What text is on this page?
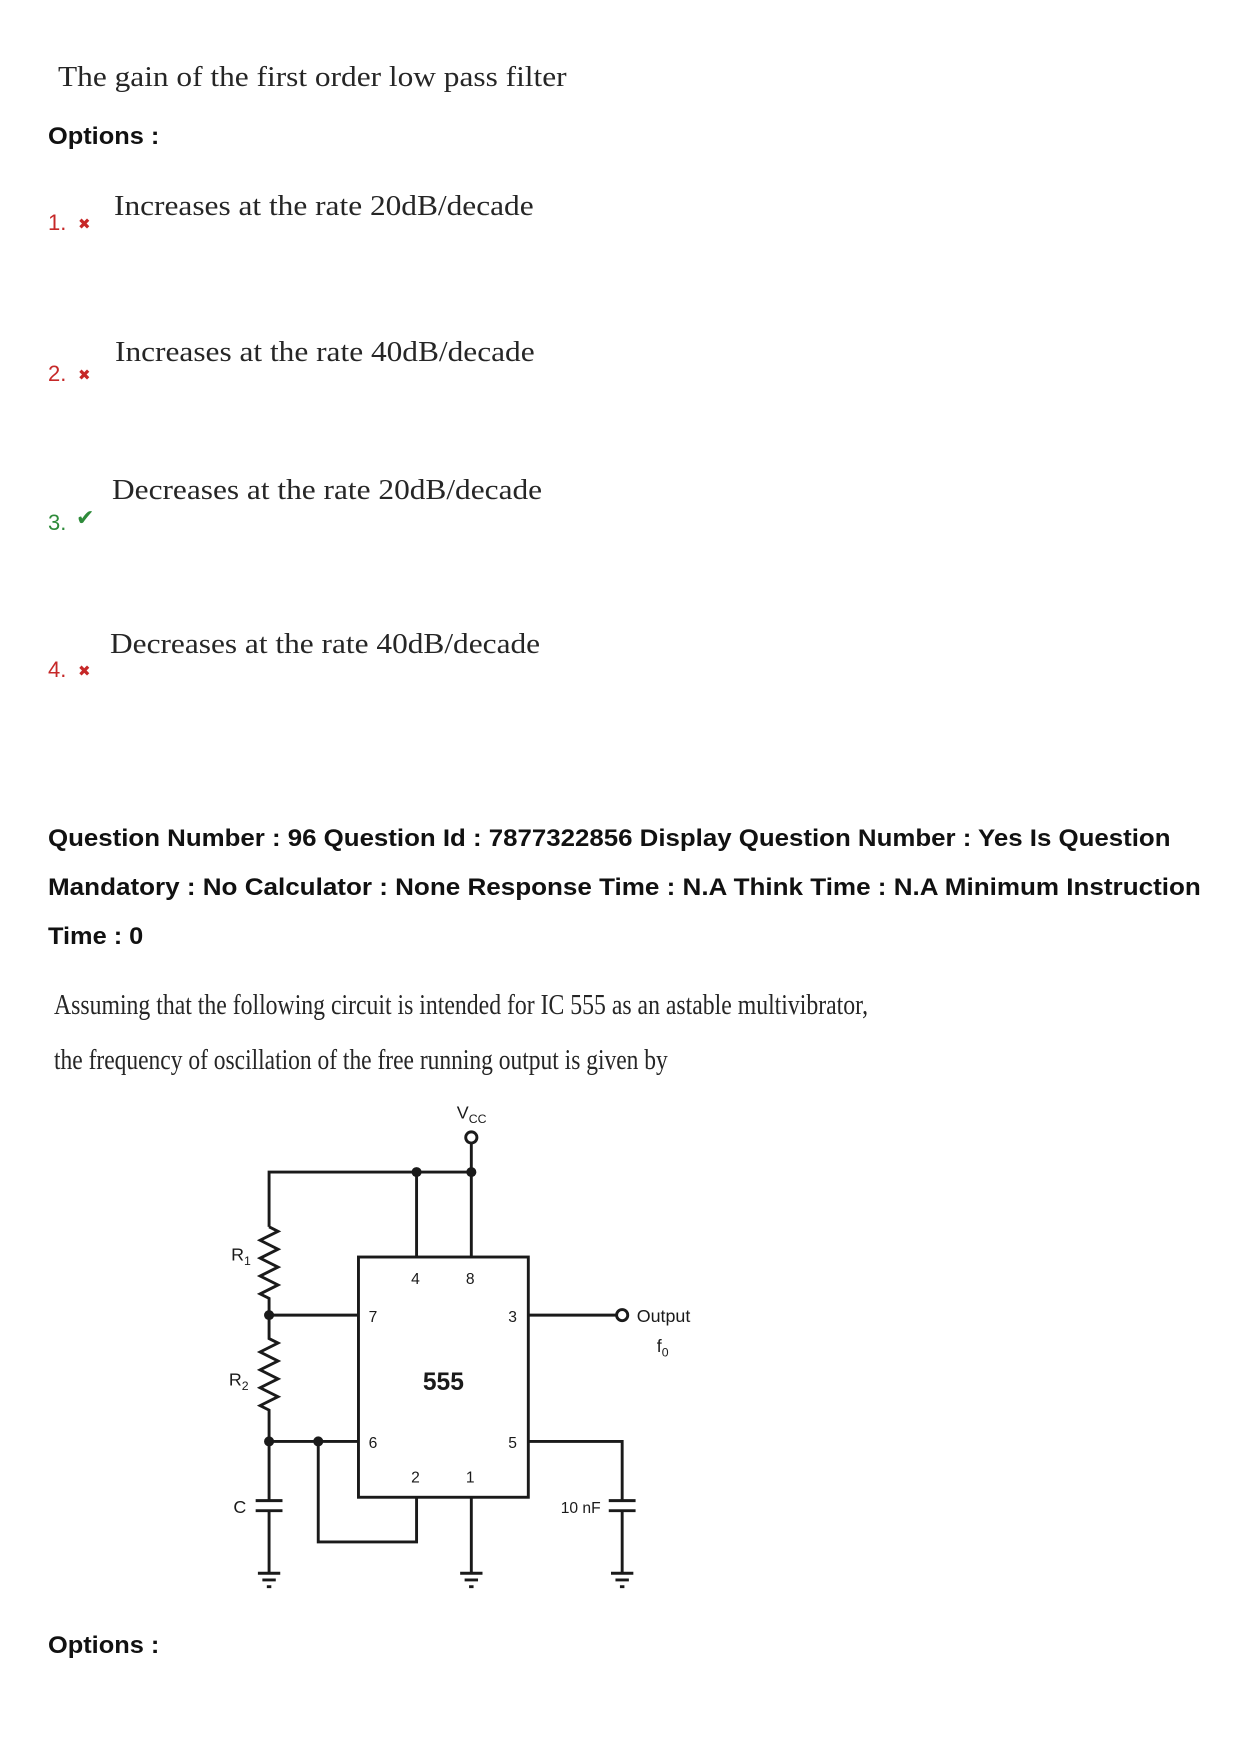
The gain of the first order low pass filter
Options :
1.
✖
Increases at the rate 20dB/decade
2.
✖
Increases at the rate 40dB/decade
3.
✔
Decreases at the rate 20dB/decade
4.
✖
Decreases at the rate 40dB/decade
Question Number : 96 Question Id : 7877322856 Display Question Number : Yes Is Question
Mandatory : No Calculator : None Response Time : N.A Think Time : N.A Minimum Instruction
Time : 0
Assuming that the following circuit is intended for IC 555 as an astable multivibrator,
the frequency of oscillation of the free running output is given by
$V_{CC}$
$R_1$
$R_2$
C
555
4	8
7	3
6	5
2	1
Output
$f_0$
10 nF
Options :
